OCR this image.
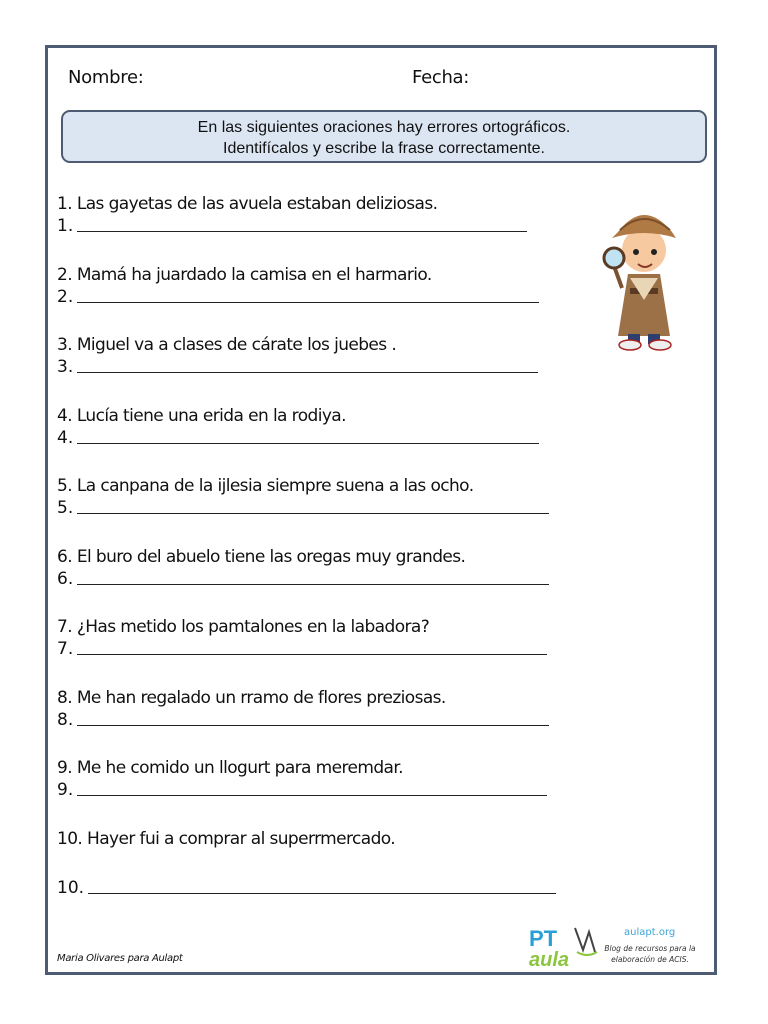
Nombre:	Fecha:
En las siguientes oraciones hay errores ortográficos.
Identifícalos y escribe la frase correctamente.
1. Las gayetas de las avuela estaban deliziosas.
1.
2. Mamá ha juardado la camisa en el harmario.
2.
3. Miguel va a clases de cárate los juebes .
3.
4. Lucía tiene una erida en la rodiya.
4.
5. La canpana de la ijlesia siempre suena a las ocho.
5.
6. El buro del abuelo tiene las oregas muy grandes.
6.
7. ¿Has metido los pamtalones en la labadora?
7.
8. Me han regalado un rramo de flores preziosas.
8.
9. Me he comido un llogurt para meremdar.
9.
10. Hayer fui a comprar al superrmercado.
10.
Maria Olivares para Aulapt
PT
aula
aulapt.org
Blog de recursos para la elaboración de ACIS.
